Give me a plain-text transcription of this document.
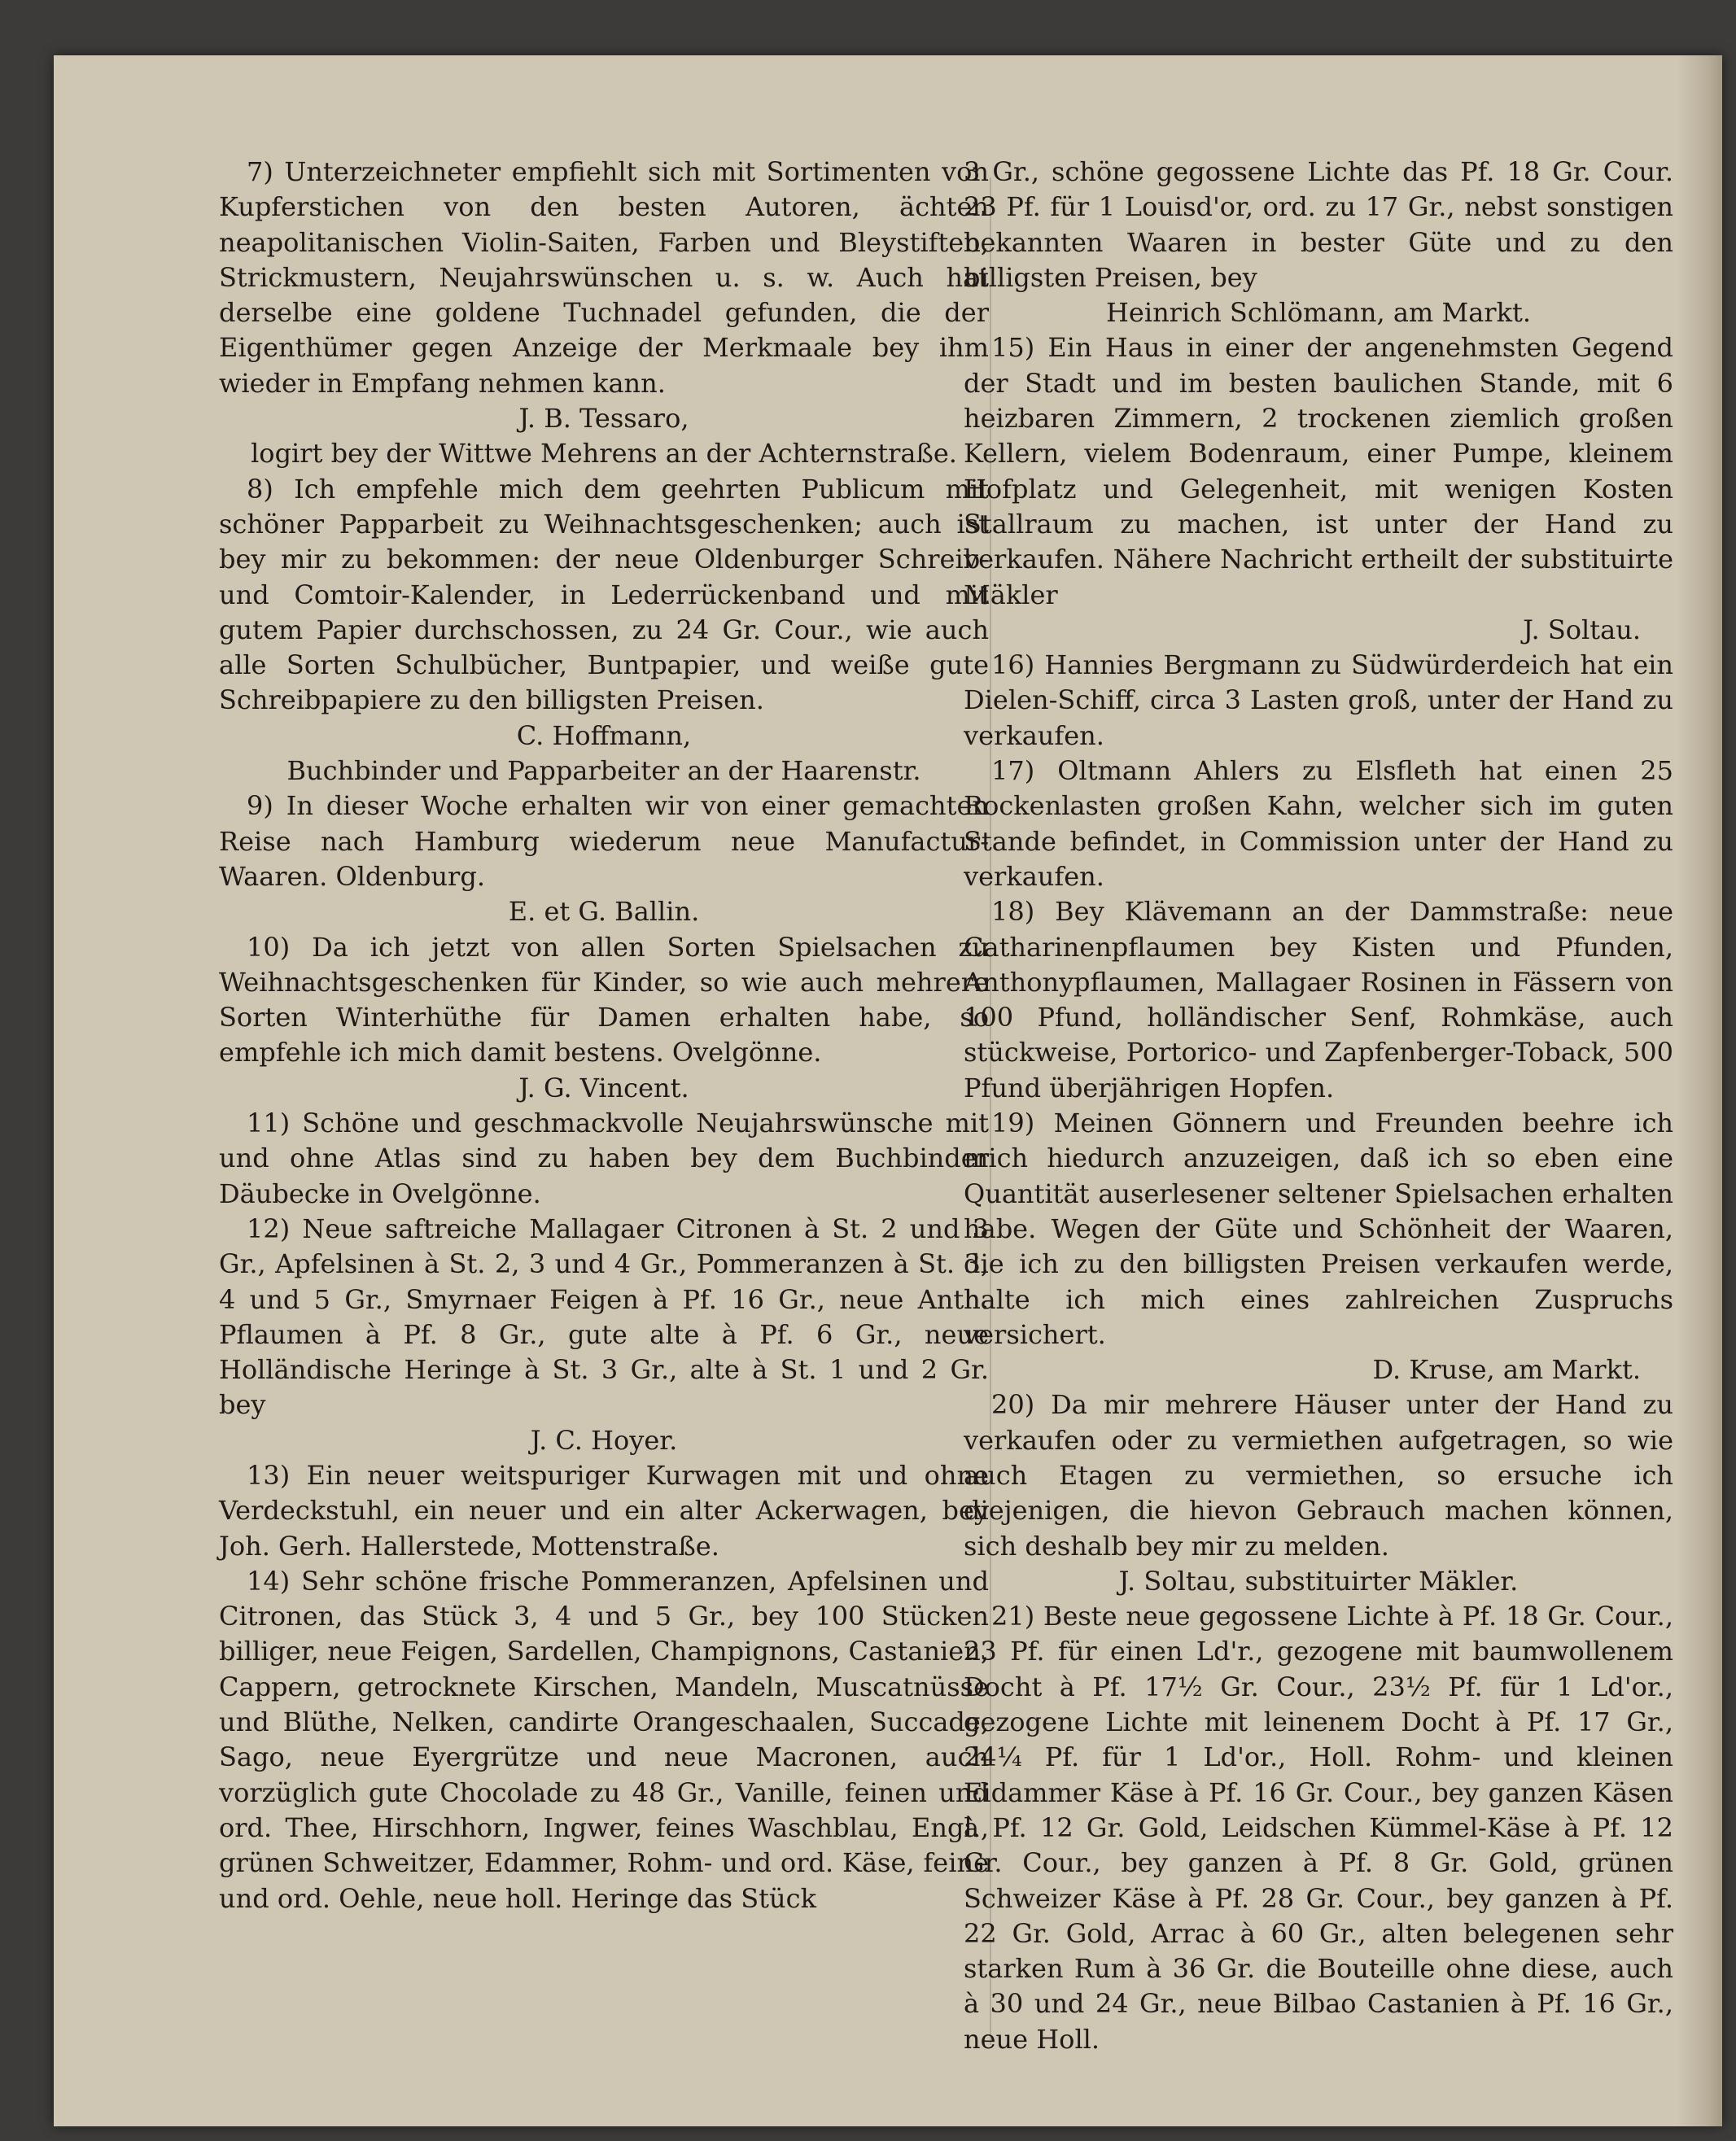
7) Unterzeichneter empfiehlt sich mit Sortimenten von Kupferstichen von den besten Autoren, ächten neapolitanischen Violin-Saiten, Farben und Bleystiften, Strickmustern, Neujahrswünschen u. s. w. Auch hat derselbe eine goldene Tuchnadel gefunden, die der Eigenthümer gegen Anzeige der Merkmaale bey ihm wieder in Empfang nehmen kann.

J. B. Tessaro,

logirt bey der Wittwe Mehrens an der Achternstraße.

8) Ich empfehle mich dem geehrten Publicum mit schöner Papparbeit zu Weihnachtsgeschenken; auch ist bey mir zu bekommen: der neue Oldenburger Schreib- und Comtoir-Kalender, in Lederrückenband und mit gutem Papier durchschossen, zu 24 Gr. Cour., wie auch alle Sorten Schulbücher, Buntpapier, und weiße gute Schreibpapiere zu den billigsten Preisen.

C. Hoffmann,

Buchbinder und Papparbeiter an der Haarenstr.

9) In dieser Woche erhalten wir von einer gemachten Reise nach Hamburg wiederum neue Manufactur-Waaren. Oldenburg.

E. et G. Ballin.

10) Da ich jetzt von allen Sorten Spielsachen zu Weihnachtsgeschenken für Kinder, so wie auch mehrere Sorten Winterhüthe für Damen erhalten habe, so empfehle ich mich damit bestens. Ovelgönne.

J. G. Vincent.

11) Schöne und geschmackvolle Neujahrswünsche mit und ohne Atlas sind zu haben bey dem Buchbinder Däubecke in Ovelgönne.

12) Neue saftreiche Mallagaer Citronen à St. 2 und 3 Gr., Apfelsinen à St. 2, 3 und 4 Gr., Pommeranzen à St. 3, 4 und 5 Gr., Smyrnaer Feigen à Pf. 16 Gr., neue Anth. Pflaumen à Pf. 8 Gr., gute alte à Pf. 6 Gr., neue Holländische Heringe à St. 3 Gr., alte à St. 1 und 2 Gr. bey

J. C. Hoyer.

13) Ein neuer weitspuriger Kurwagen mit und ohne Verdeckstuhl, ein neuer und ein alter Ackerwagen, bey Joh. Gerh. Hallerstede, Mottenstraße.

14) Sehr schöne frische Pommeranzen, Apfelsinen und Citronen, das Stück 3, 4 und 5 Gr., bey 100 Stücken billiger, neue Feigen, Sardellen, Champignons, Castanien, Cappern, getrocknete Kirschen, Mandeln, Muscatnüsse und Blüthe, Nelken, candirte Orangeschaalen, Succade, Sago, neue Eyergrütze und neue Macronen, auch vorzüglich gute Chocolade zu 48 Gr., Vanille, feinen und ord. Thee, Hirschhorn, Ingwer, feines Waschblau, Engl., grünen Schweitzer, Edammer, Rohm- und ord. Käse, feine und ord. Oehle, neue holl. Heringe das Stück

3 Gr., schöne gegossene Lichte das Pf. 18 Gr. Cour. 23 Pf. für 1 Louisd'or, ord. zu 17 Gr., nebst sonstigen bekannten Waaren in bester Güte und zu den billigsten Preisen, bey

Heinrich Schlömann, am Markt.

15) Ein Haus in einer der angenehmsten Gegend der Stadt und im besten baulichen Stande, mit 6 heizbaren Zimmern, 2 trockenen ziemlich großen Kellern, vielem Bodenraum, einer Pumpe, kleinem Hofplatz und Gelegenheit, mit wenigen Kosten Stallraum zu machen, ist unter der Hand zu verkaufen. Nähere Nachricht ertheilt der substituirte Mäkler

J. Soltau.

16) Hannies Bergmann zu Südwürderdeich hat ein Dielen-Schiff, circa 3 Lasten groß, unter der Hand zu verkaufen.

17) Oltmann Ahlers zu Elsfleth hat einen 25 Rockenlasten großen Kahn, welcher sich im guten Stande befindet, in Commission unter der Hand zu verkaufen.

18) Bey Klävemann an der Dammstraße: neue Catharinenpflaumen bey Kisten und Pfunden, Anthonypflaumen, Mallagaer Rosinen in Fässern von 100 Pfund, holländischer Senf, Rohmkäse, auch stückweise, Portorico- und Zapfenberger-Toback, 500 Pfund überjährigen Hopfen.

19) Meinen Gönnern und Freunden beehre ich mich hiedurch anzuzeigen, daß ich so eben eine Quantität auserlesener seltener Spielsachen erhalten habe. Wegen der Güte und Schönheit der Waaren, die ich zu den billigsten Preisen verkaufen werde, halte ich mich eines zahlreichen Zuspruchs versichert.

D. Kruse, am Markt.

20) Da mir mehrere Häuser unter der Hand zu verkaufen oder zu vermiethen aufgetragen, so wie auch Etagen zu vermiethen, so ersuche ich diejenigen, die hievon Gebrauch machen können, sich deshalb bey mir zu melden.

J. Soltau, substituirter Mäkler.

21) Beste neue gegossene Lichte à Pf. 18 Gr. Cour., 23 Pf. für einen Ld'r., gezogene mit baumwollenem Docht à Pf. 17½ Gr. Cour., 23½ Pf. für 1 Ld'or., gezogene Lichte mit leinenem Docht à Pf. 17 Gr., 24¼ Pf. für 1 Ld'or., Holl. Rohm- und kleinen Eidammer Käse à Pf. 16 Gr. Cour., bey ganzen Käsen à Pf. 12 Gr. Gold, Leidschen Kümmel-Käse à Pf. 12 Gr. Cour., bey ganzen à Pf. 8 Gr. Gold, grünen Schweizer Käse à Pf. 28 Gr. Cour., bey ganzen à Pf. 22 Gr. Gold, Arrac à 60 Gr., alten belegenen sehr starken Rum à 36 Gr. die Bouteille ohne diese, auch à 30 und 24 Gr., neue Bilbao Castanien à Pf. 16 Gr., neue Holl.
